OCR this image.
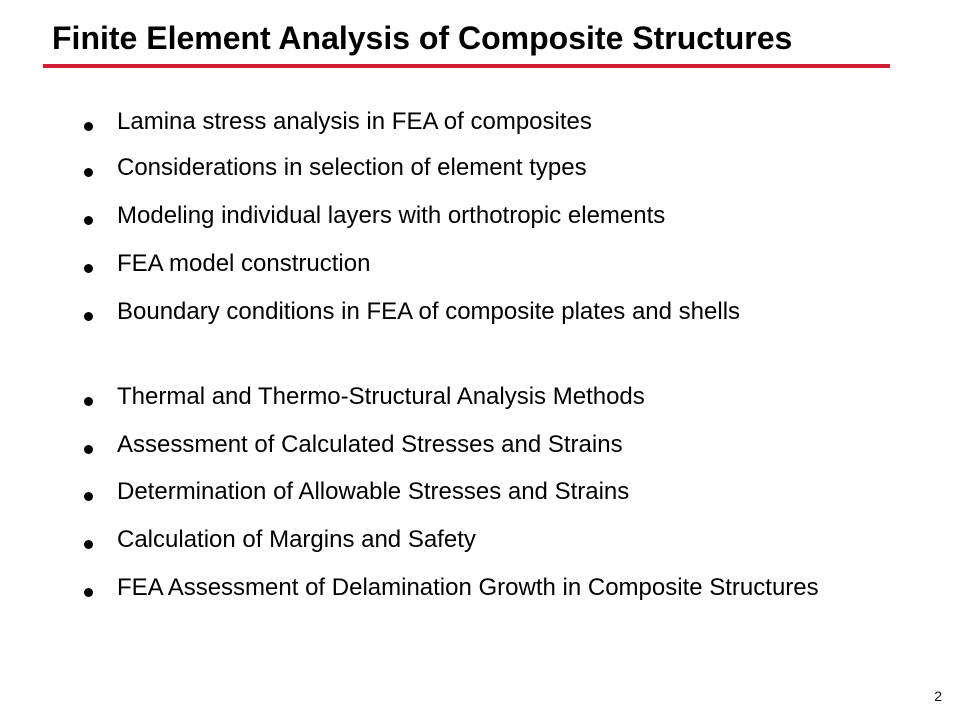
Finite Element Analysis of Composite Structures
Lamina stress analysis in FEA of composites
Considerations in selection of element types
Modeling individual layers with orthotropic elements
FEA model construction
Boundary conditions in FEA of composite plates and shells
Thermal and Thermo-Structural Analysis Methods
Assessment of Calculated Stresses and Strains
Determination of Allowable Stresses and Strains
Calculation of Margins and Safety
FEA Assessment of Delamination Growth in Composite Structures
2
